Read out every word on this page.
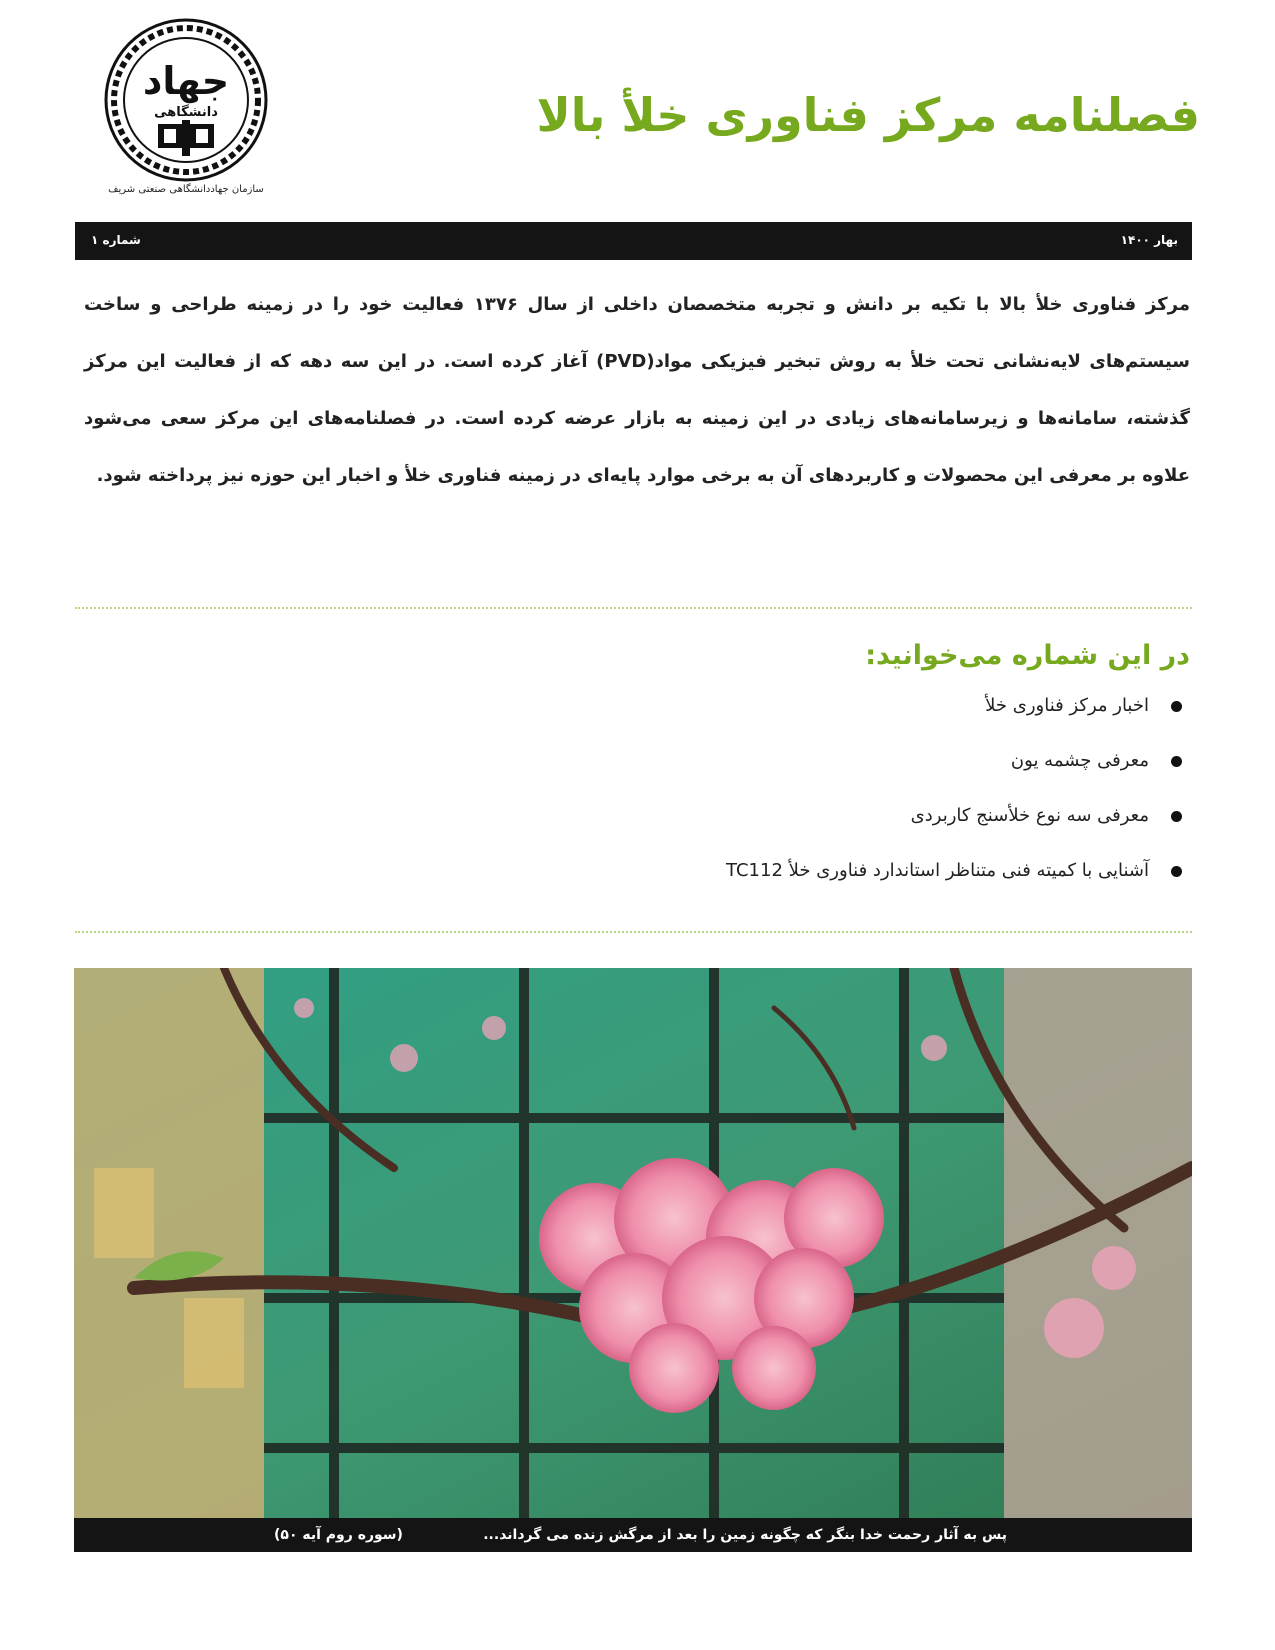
جهاد
دانشگاهی
سازمان جهاددانشگاهی صنعتی شریف
فصلنامه مرکز فناوری خلأ بالا
بهار ۱۴۰۰
شماره ۱
مرکز فناوری خلأ بالا با تکیه بر دانش و تجربه متخصصان داخلی از سال ۱۳۷۶ فعالیت خود را در زمینه طراحی و ساخت سیستم‌های لایه‌نشانی تحت خلأ به روش تبخیر فیزیکی مواد(PVD) آغاز کرده است. در این سه دهه که از فعالیت این مرکز گذشته، سامانه‌ها و زیرسامانه‌های زیادی در این زمینه به بازار عرضه کرده است. در فصلنامه‌های این مرکز سعی می‌شود علاوه بر معرفی این محصولات و کاربردهای آن به برخی موارد پایه‌ای در زمینه فناوری خلأ و اخبار این حوزه نیز پرداخته شود.
در این شماره می‌خوانید:
اخبار مرکز فناوری خلأ
معرفی چشمه یون
معرفی سه نوع خلأسنج کاربردی
آشنایی با کمیته فنی متناظر استاندارد فناوری خلأ TC112
پس به آثار رحمت خدا بنگر که چگونه زمین را بعد از مرگش زنده می گرداند...
(سوره روم آیه ۵۰)
